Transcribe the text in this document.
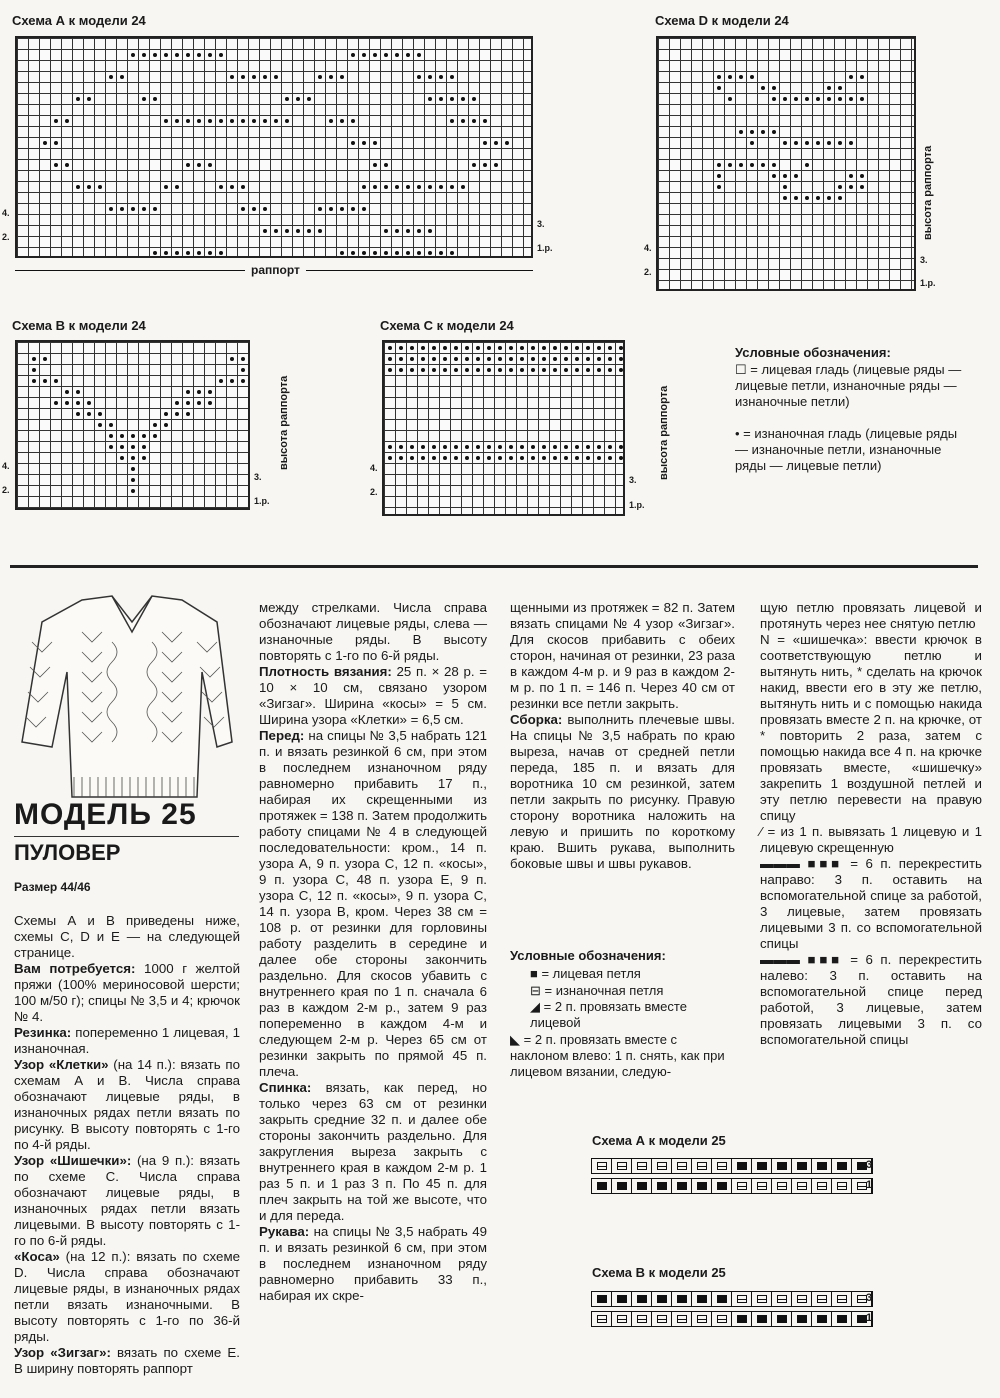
Схема А к модели 24
4.
2.
3.
1.р.
раппорт
Схема D к модели 24
высота раппорта
4.
2.
3.
1.р.
Схема В к модели 24
высота раппорта
4.
2.
3.
1.р.
Схема С к модели 24
высота раппорта
4.
2.
3.
1.р.
Условные обозначения:
☐ = лицевая гладь (лицевые ряды — лицевые петли, изнаночные ряды — изнаночные петли)
• = изнаночная гладь (лицевые ряды — изнаночные петли, изнаночные ряды — лицевые петли)
МОДЕЛЬ 25
ПУЛОВЕР
Размер 44/46

Схемы А и В приведены ниже, схемы С, D и Е — на следующей странице.

Вам потребуется: 1000 г желтой пряжи (100% мериносовой шерсти; 100 м/50 г); спицы № 3,5 и 4; крючок № 4.

Резинка: попеременно 1 лицевая, 1 изнаночная.

Узор «Клетки» (на 14 п.): вязать по схемам А и В. Числа справа обозначают лицевые ряды, в изнаночных рядах петли вязать по рисунку. В высоту повторять с 1-го по 4-й ряды.

Узор «Шишечки»: (на 9 п.): вязать по схеме С. Числа справа обозначают лицевые ряды, в изнаночных рядах петли вязать лицевыми. В высоту повторять с 1-го по 6-й ряды.

«Коса» (на 12 п.): вязать по схеме D. Числа справа обозначают лицевые ряды, в изнаночных рядах петли вязать изнаночными. В высоту повторять с 1-го по 36-й ряды.

Узор «Зигзаг»: вязать по схеме Е. В ширину повторять раппорт

между стрелками. Числа справа обозначают лицевые ряды, слева — изнаночные ряды. В высоту повторять с 1-го по 6-й ряды.

Плотность вязания: 25 п. × 28 р. = 10 × 10 см, связано узором «Зигзаг». Ширина «косы» = 5 см. Ширина узора «Клетки» = 6,5 см.

Перед: на спицы № 3,5 набрать 121 п. и вязать резинкой 6 см, при этом в последнем изнаночном ряду равномерно прибавить 17 п., набирая их скрещенными из протяжек = 138 п. Затем продолжить работу спицами № 4 в следующей последовательности: кром., 14 п. узора А, 9 п. узора С, 12 п. «косы», 9 п. узора С, 48 п. узора Е, 9 п. узора С, 12 п. «косы», 9 п. узора С, 14 п. узора В, кром. Через 38 см = 108 р. от резинки для горловины работу разделить в середине и далее обе стороны закончить раздельно. Для скосов убавить с внутреннего края по 1 п. сначала 6 раз в каждом 2-м р., затем 9 раз попеременно в каждом 4-м и следующем 2-м р. Через 65 см от резинки закрыть по прямой 45 п. плеча.

Спинка: вязать, как перед, но только через 63 см от резинки закрыть средние 32 п. и далее обе стороны закончить раздельно. Для закругления выреза закрыть с внутреннего края в каждом 2-м р. 1 раз 5 п. и 1 раз 3 п. По 45 п. для плеч закрыть на той же высоте, что и для переда.

Рукава: на спицы № 3,5 набрать 49 п. и вязать резинкой 6 см, при этом в последнем изнаночном ряду равномерно прибавить 33 п., набирая их скре-

щенными из протяжек = 82 п. Затем вязать спицами № 4 узор «Зигзаг». Для скосов прибавить с обеих сторон, начиная от резинки, 23 раза в каждом 4-м р. и 9 раз в каждом 2-м р. по 1 п. = 146 п. Через 40 см от резинки все петли закрыть.

Сборка: выполнить плечевые швы. На спицы № 3,5 набрать по краю выреза, начав от средней петли переда, 185 п. и вязать для воротника 10 см резинкой, затем петли закрыть по рисунку. Правую сторону воротника наложить на левую и пришить по короткому краю. Вшить рукава, выполнить боковые швы и швы рукавов.

Условные обозначения:
■ = лицевая петля
⊟ = изнаночная петля
◢ = 2 п. провязать вместе лицевой
◣ = 2 п. провязать вместе с наклоном влево: 1 п. снять, как при лицевом вязании, следую-

щую петлю провязать лицевой и протянуть через нее снятую петлю

Ν = «шишечка»: ввести крючок в соответствующую петлю и вытянуть нить, * сделать на крючок накид, ввести его в эту же петлю, вытянуть нить и с помощью накида провязать вместе 2 п. на крючке, от * повторить 2 раза, затем с помощью накида все 4 п. на крючке провязать вместе, «шишечку» закрепить 1 воздушной петлей и эту петлю перевести на правую спицу

⁄ = из 1 п. вывязать 1 лицевую и 1 лицевую скрещенную

▬▬▬ ■■■ = 6 п. перекрестить направо: 3 п. оставить на вспомогательной спице за работой, 3 лицевые, затем провязать лицевыми 3 п. со вспомогательной спицы

▬▬▬ ■■■ = 6 п. перекрестить налево: 3 п. оставить на вспомогательной спице перед работой, 3 лицевые, затем провязать лицевыми 3 п. со вспомогательной спицы

Схема А к модели 25
3
1
Схема В к модели 25
3
1
